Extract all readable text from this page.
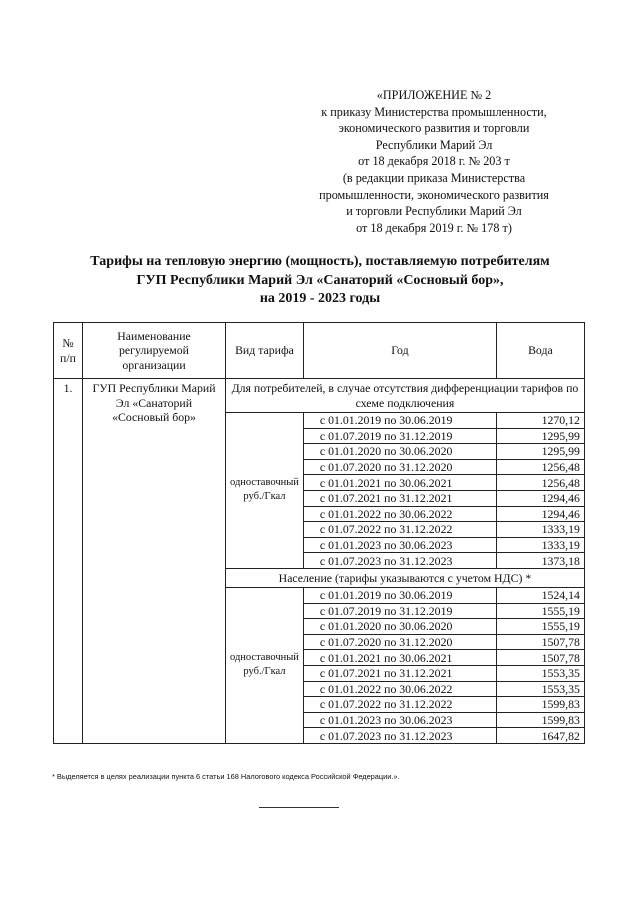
«ПРИЛОЖЕНИЕ № 2
к приказу Министерства промышленности,
экономического развития и торговли
Республики Марий Эл
от 18 декабря 2018 г. № 203 т
(в редакции приказа Министерства
промышленности, экономического развития
и торговли Республики Марий Эл
от 18 декабря 2019 г. № 178 т)
Тарифы на тепловую энергию (мощность), поставляемую потребителям
ГУП Республики Марий Эл «Санаторий «Сосновый бор»,
на 2019 - 2023 годы
№ п/п	Наименование регулируемой организации	Вид тарифа	Год	Вода
1.	ГУП Республики Марий Эл «Санаторий «Сосновый бор»	Для потребителей, в случае отсутствия дифференциации тарифов по схеме подключения		
		одноставочный руб./Гкал	с 01.01.2019 по 30.06.2019	1270,12
			с 01.07.2019 по 31.12.2019	1295,99
			с 01.01.2020 по 30.06.2020	1295,99
			с 01.07.2020 по 31.12.2020	1256,48
			с 01.01.2021 по 30.06.2021	1256,48
			с 01.07.2021 по 31.12.2021	1294,46
			с 01.01.2022 по 30.06.2022	1294,46
			с 01.07.2022 по 31.12.2022	1333,19
			с 01.01.2023 по 30.06.2023	1333,19
			с 01.07.2023 по 31.12.2023	1373,18
		Население (тарифы указываются с учетом НДС) *		
		одноставочный руб./Гкал	с 01.01.2019 по 30.06.2019	1524,14
			с 01.07.2019 по 31.12.2019	1555,19
			с 01.01.2020 по 30.06.2020	1555,19
			с 01.07.2020 по 31.12.2020	1507,78
			с 01.01.2021 по 30.06.2021	1507,78
			с 01.07.2021 по 31.12.2021	1553,35
			с 01.01.2022 по 30.06.2022	1553,35
			с 01.07.2022 по 31.12.2022	1599,83
			с 01.01.2023 по 30.06.2023	1599,83
			с 01.07.2023 по 31.12.2023	1647,82
* Выделяется в целях реализации пункта 6 статьи 168 Налогового кодекса Российской Федерации.».
